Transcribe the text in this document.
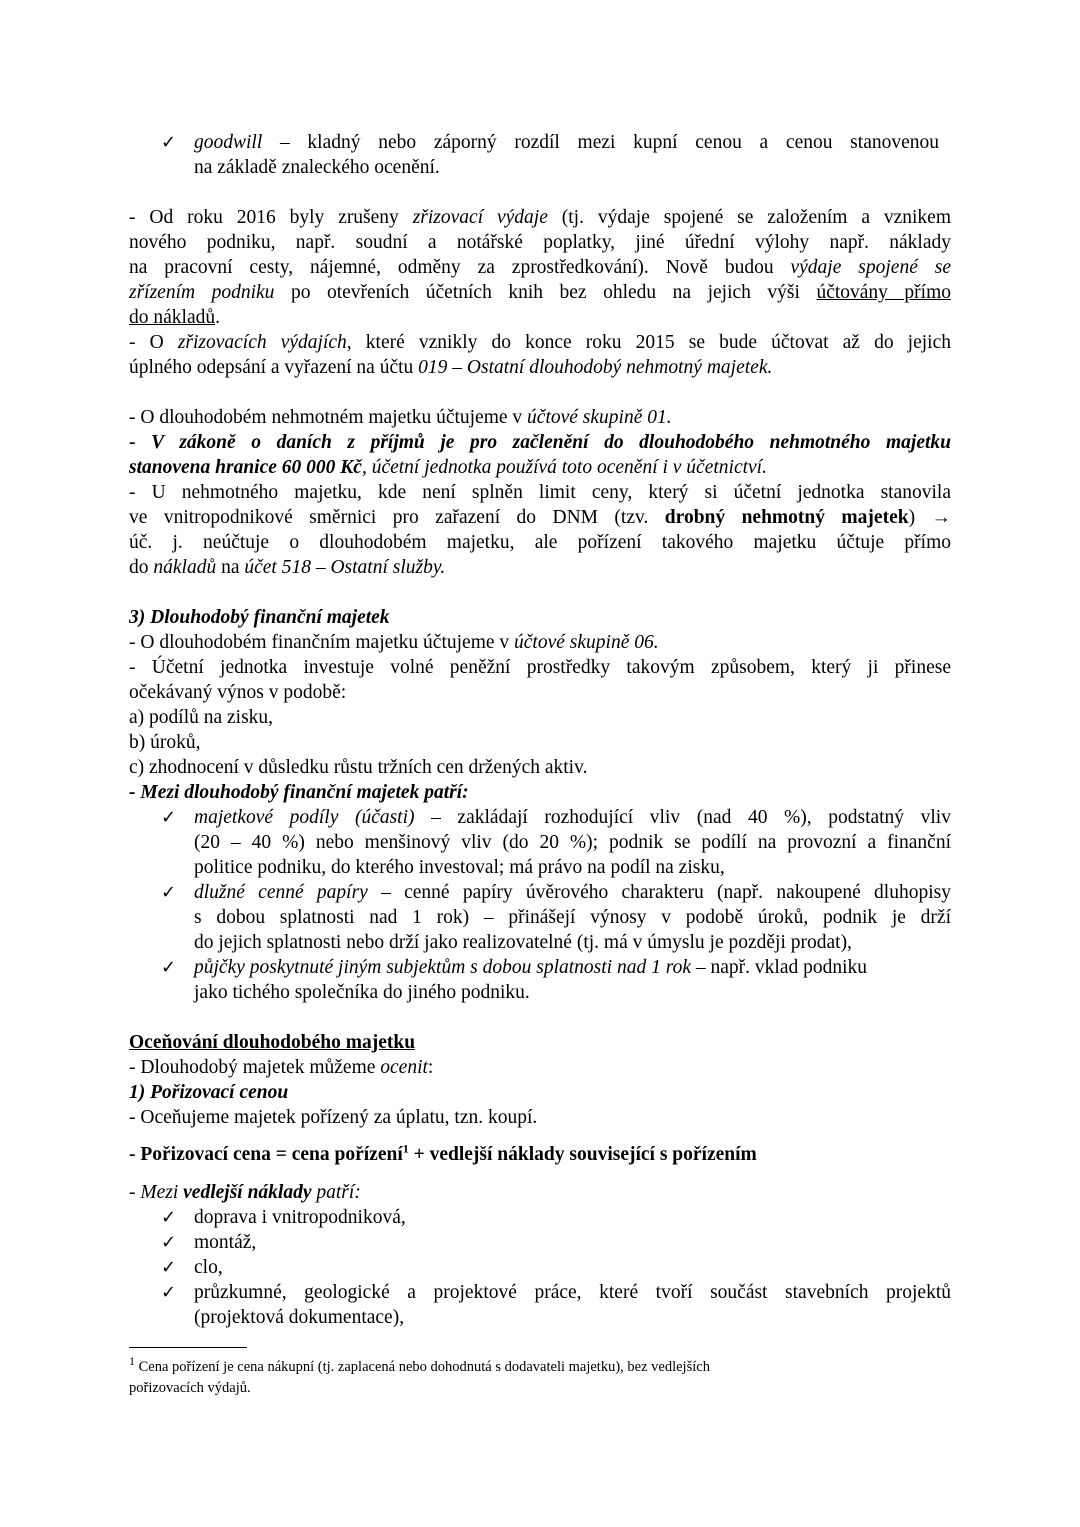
✓ goodwill – kladný nebo záporný rozdíl mezi kupní cenou a cenou stanovenou
na základě znaleckého ocenění.
- Od roku 2016 byly zrušeny zřizovací výdaje (tj. výdaje spojené se založením a vznikem
nového podniku, např. soudní a notářské poplatky, jiné úřední výlohy např. náklady
na pracovní cesty, nájemné, odměny za zprostředkování). Nově budou výdaje spojené se
zřízením podniku po otevřeních účetních knih bez ohledu na jejich výši účtovány přímo
do nákladů.
- O zřizovacích výdajích, které vznikly do konce roku 2015 se bude účtovat až do jejich
úplného odepsání a vyřazení na účtu 019 – Ostatní dlouhodobý nehmotný majetek.
- O dlouhodobém nehmotném majetku účtujeme v účtové skupině 01.
- V zákoně o daních z příjmů je pro začlenění do dlouhodobého nehmotného majetku
stanovena hranice 60 000 Kč, účetní jednotka používá toto ocenění i v účetnictví.
- U nehmotného majetku, kde není splněn limit ceny, který si účetní jednotka stanovila
ve vnitropodnikové směrnici pro zařazení do DNM (tzv. drobný nehmotný majetek) →
úč. j. neúčtuje o dlouhodobém majetku, ale pořízení takového majetku účtuje přímo
do nákladů na účet 518 – Ostatní služby.
3) Dlouhodobý finanční majetek
- O dlouhodobém finančním majetku účtujeme v účtové skupině 06.
- Účetní jednotka investuje volné peněžní prostředky takovým způsobem, který ji přinese
očekávaný výnos v podobě:
a) podílů na zisku,
b) úroků,
c) zhodnocení v důsledku růstu tržních cen držených aktiv.
- Mezi dlouhodobý finanční majetek patří:
✓ majetkové podíly (účasti) – zakládají rozhodující vliv (nad 40 %), podstatný vliv
(20 – 40 %) nebo menšinový vliv (do 20 %); podnik se podílí na provozní a finanční
politice podniku, do kterého investoval; má právo na podíl na zisku,
✓ dlužné cenné papíry – cenné papíry úvěrového charakteru (např. nakoupené dluhopisy
s dobou splatnosti nad 1 rok) – přinášejí výnosy v podobě úroků, podnik je drží
do jejich splatnosti nebo drží jako realizovatelné (tj. má v úmyslu je později prodat),
✓ půjčky poskytnuté jiným subjektům s dobou splatnosti nad 1 rok – např. vklad podniku
jako tichého společníka do jiného podniku.
Oceňování dlouhodobého majetku
- Dlouhodobý majetek můžeme ocenit:
1) Pořizovací cenou
- Oceňujeme majetek pořízený za úplatu, tzn. koupí.
- Pořizovací cena = cena pořízení$^1$ + vedlejší náklady související s pořízením
- Mezi vedlejší náklady patří:
✓ doprava i vnitropodniková,
✓ montáž,
✓ clo,
✓ průzkumné, geologické a projektové práce, které tvoří součást stavebních projektů
(projektová dokumentace),
$^1$ Cena pořízení je cena nákupní (tj. zaplacená nebo dohodnutá s dodavateli majetku), bez vedlejších
pořizovacích výdajů.
